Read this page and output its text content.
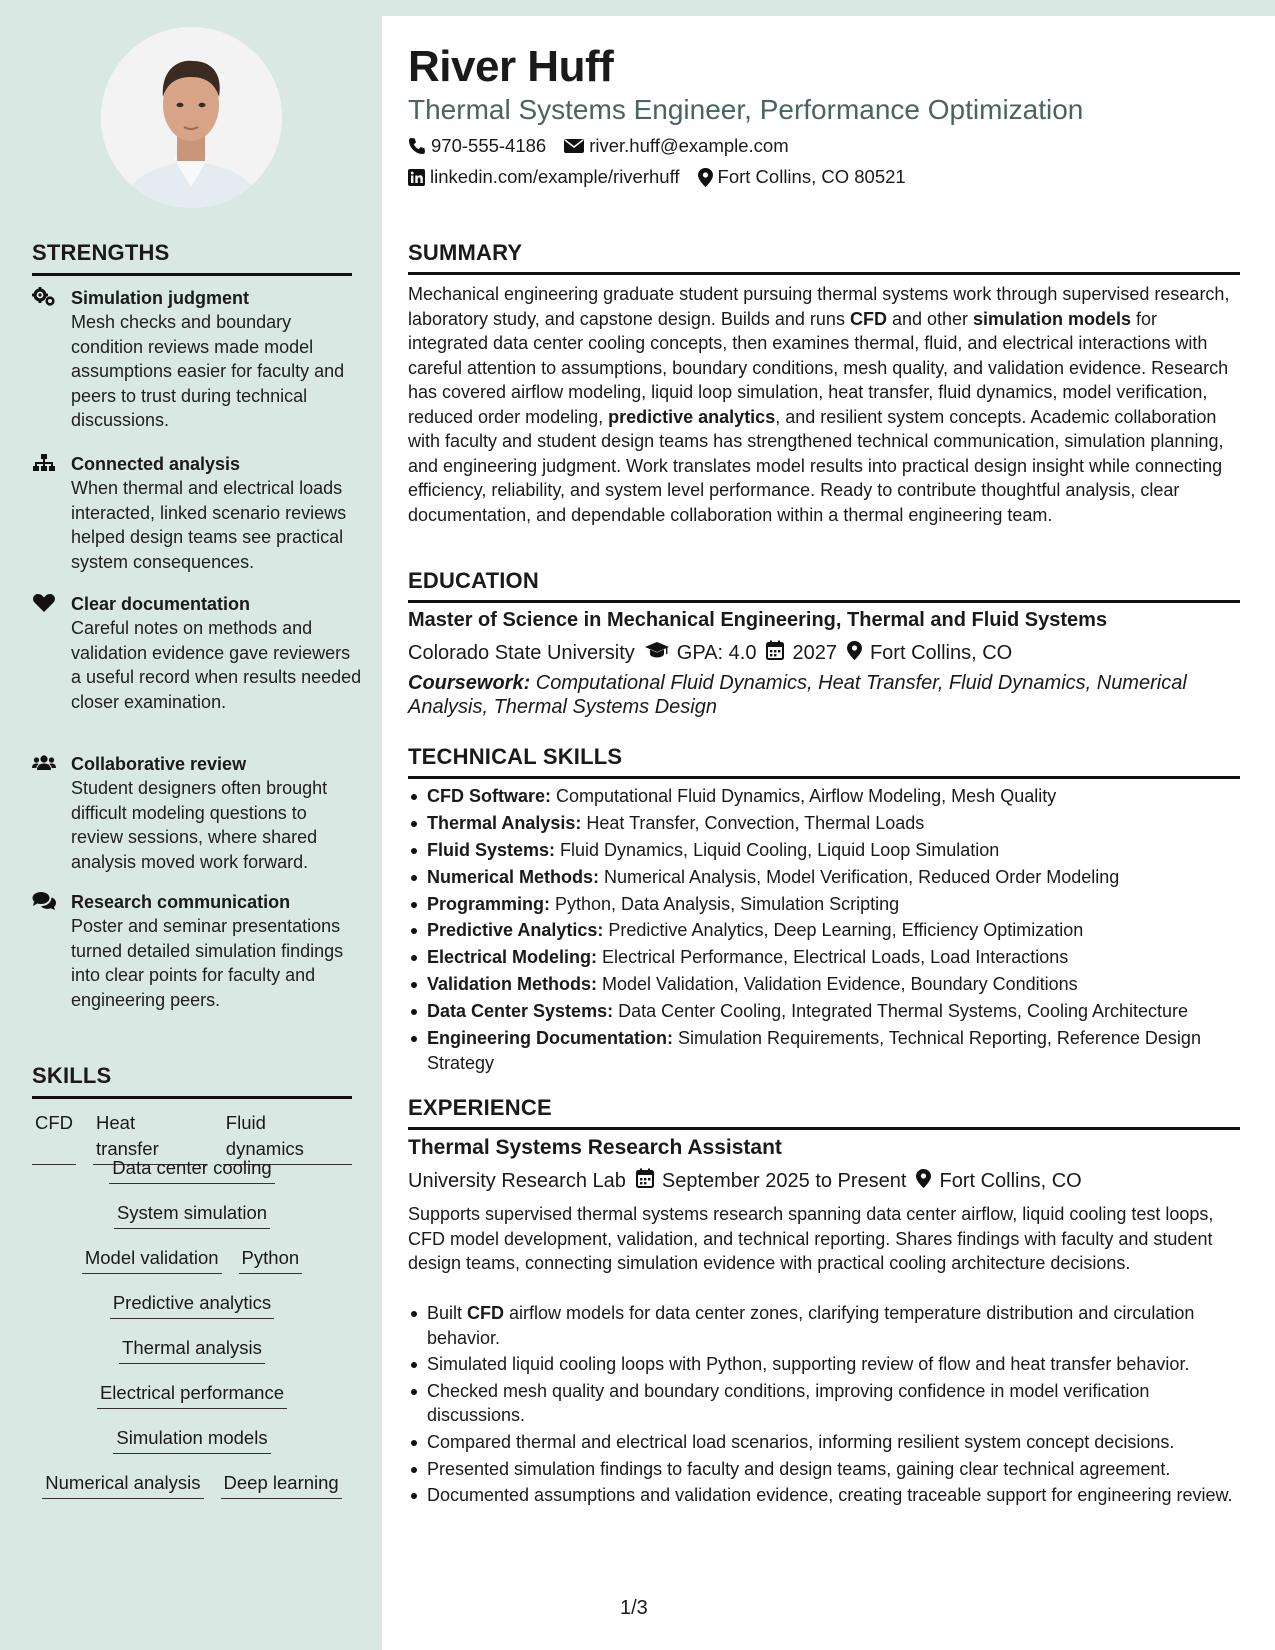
STRENGTHS
Simulation judgment
Mesh checks and boundary condition reviews made model assumptions easier for faculty and peers to trust during technical discussions.
Connected analysis
When thermal and electrical loads interacted, linked scenario reviews helped design teams see practical system consequences.
Clear documentation
Careful notes on methods and validation evidence gave reviewers a useful record when results needed closer examination.
Collaborative review
Student designers often brought difficult modeling questions to review sessions, where shared analysis moved work forward.
Research communication
Poster and seminar presentations turned detailed simulation findings into clear points for faculty and engineering peers.
SKILLS
CFD Heat transfer
Fluid dynamics
Data center cooling
System simulation
Model validation Python
Predictive analytics
Thermal analysis
Electrical performance
Simulation models
Numerical analysis Deep learning
River Huff
Thermal Systems Engineer, Performance Optimization
970-555-4186 river.huff@example.com
linkedin.com/example/riverhuff Fort Collins, CO 80521
SUMMARY
Mechanical engineering graduate student pursuing thermal systems work through supervised research, laboratory study, and capstone design. Builds and runs CFD and other simulation models for integrated data center cooling concepts, then examines thermal, fluid, and electrical interactions with careful attention to assumptions, boundary conditions, mesh quality, and validation evidence. Research has covered airflow modeling, liquid loop simulation, heat transfer, fluid dynamics, model verification, reduced order modeling, predictive analytics, and resilient system concepts. Academic collaboration with faculty and student design teams has strengthened technical communication, simulation planning, and engineering judgment. Work translates model results into practical design insight while connecting efficiency, reliability, and system level performance. Ready to contribute thoughtful analysis, clear documentation, and dependable collaboration within a thermal engineering team.
EDUCATION
Master of Science in Mechanical Engineering, Thermal and Fluid Systems
Colorado State University GPA: 4.0 2027 Fort Collins, CO
Coursework: Computational Fluid Dynamics, Heat Transfer, Fluid Dynamics, Numerical Analysis, Thermal Systems Design
TECHNICAL SKILLS
CFD Software: Computational Fluid Dynamics, Airflow Modeling, Mesh Quality
Thermal Analysis: Heat Transfer, Convection, Thermal Loads
Fluid Systems: Fluid Dynamics, Liquid Cooling, Liquid Loop Simulation
Numerical Methods: Numerical Analysis, Model Verification, Reduced Order Modeling
Programming: Python, Data Analysis, Simulation Scripting
Predictive Analytics: Predictive Analytics, Deep Learning, Efficiency Optimization
Electrical Modeling: Electrical Performance, Electrical Loads, Load Interactions
Validation Methods: Model Validation, Validation Evidence, Boundary Conditions
Data Center Systems: Data Center Cooling, Integrated Thermal Systems, Cooling Architecture
Engineering Documentation: Simulation Requirements, Technical Reporting, Reference Design Strategy
EXPERIENCE
Thermal Systems Research Assistant
University Research Lab September 2025 to Present Fort Collins, CO
Supports supervised thermal systems research spanning data center airflow, liquid cooling test loops, CFD model development, validation, and technical reporting. Shares findings with faculty and student design teams, connecting simulation evidence with practical cooling architecture decisions.
Built CFD airflow models for data center zones, clarifying temperature distribution and circulation behavior.
Simulated liquid cooling loops with Python, supporting review of flow and heat transfer behavior.
Checked mesh quality and boundary conditions, improving confidence in model verification discussions.
Compared thermal and electrical load scenarios, informing resilient system concept decisions.
Presented simulation findings to faculty and design teams, gaining clear technical agreement.
Documented assumptions and validation evidence, creating traceable support for engineering review.
1/3
